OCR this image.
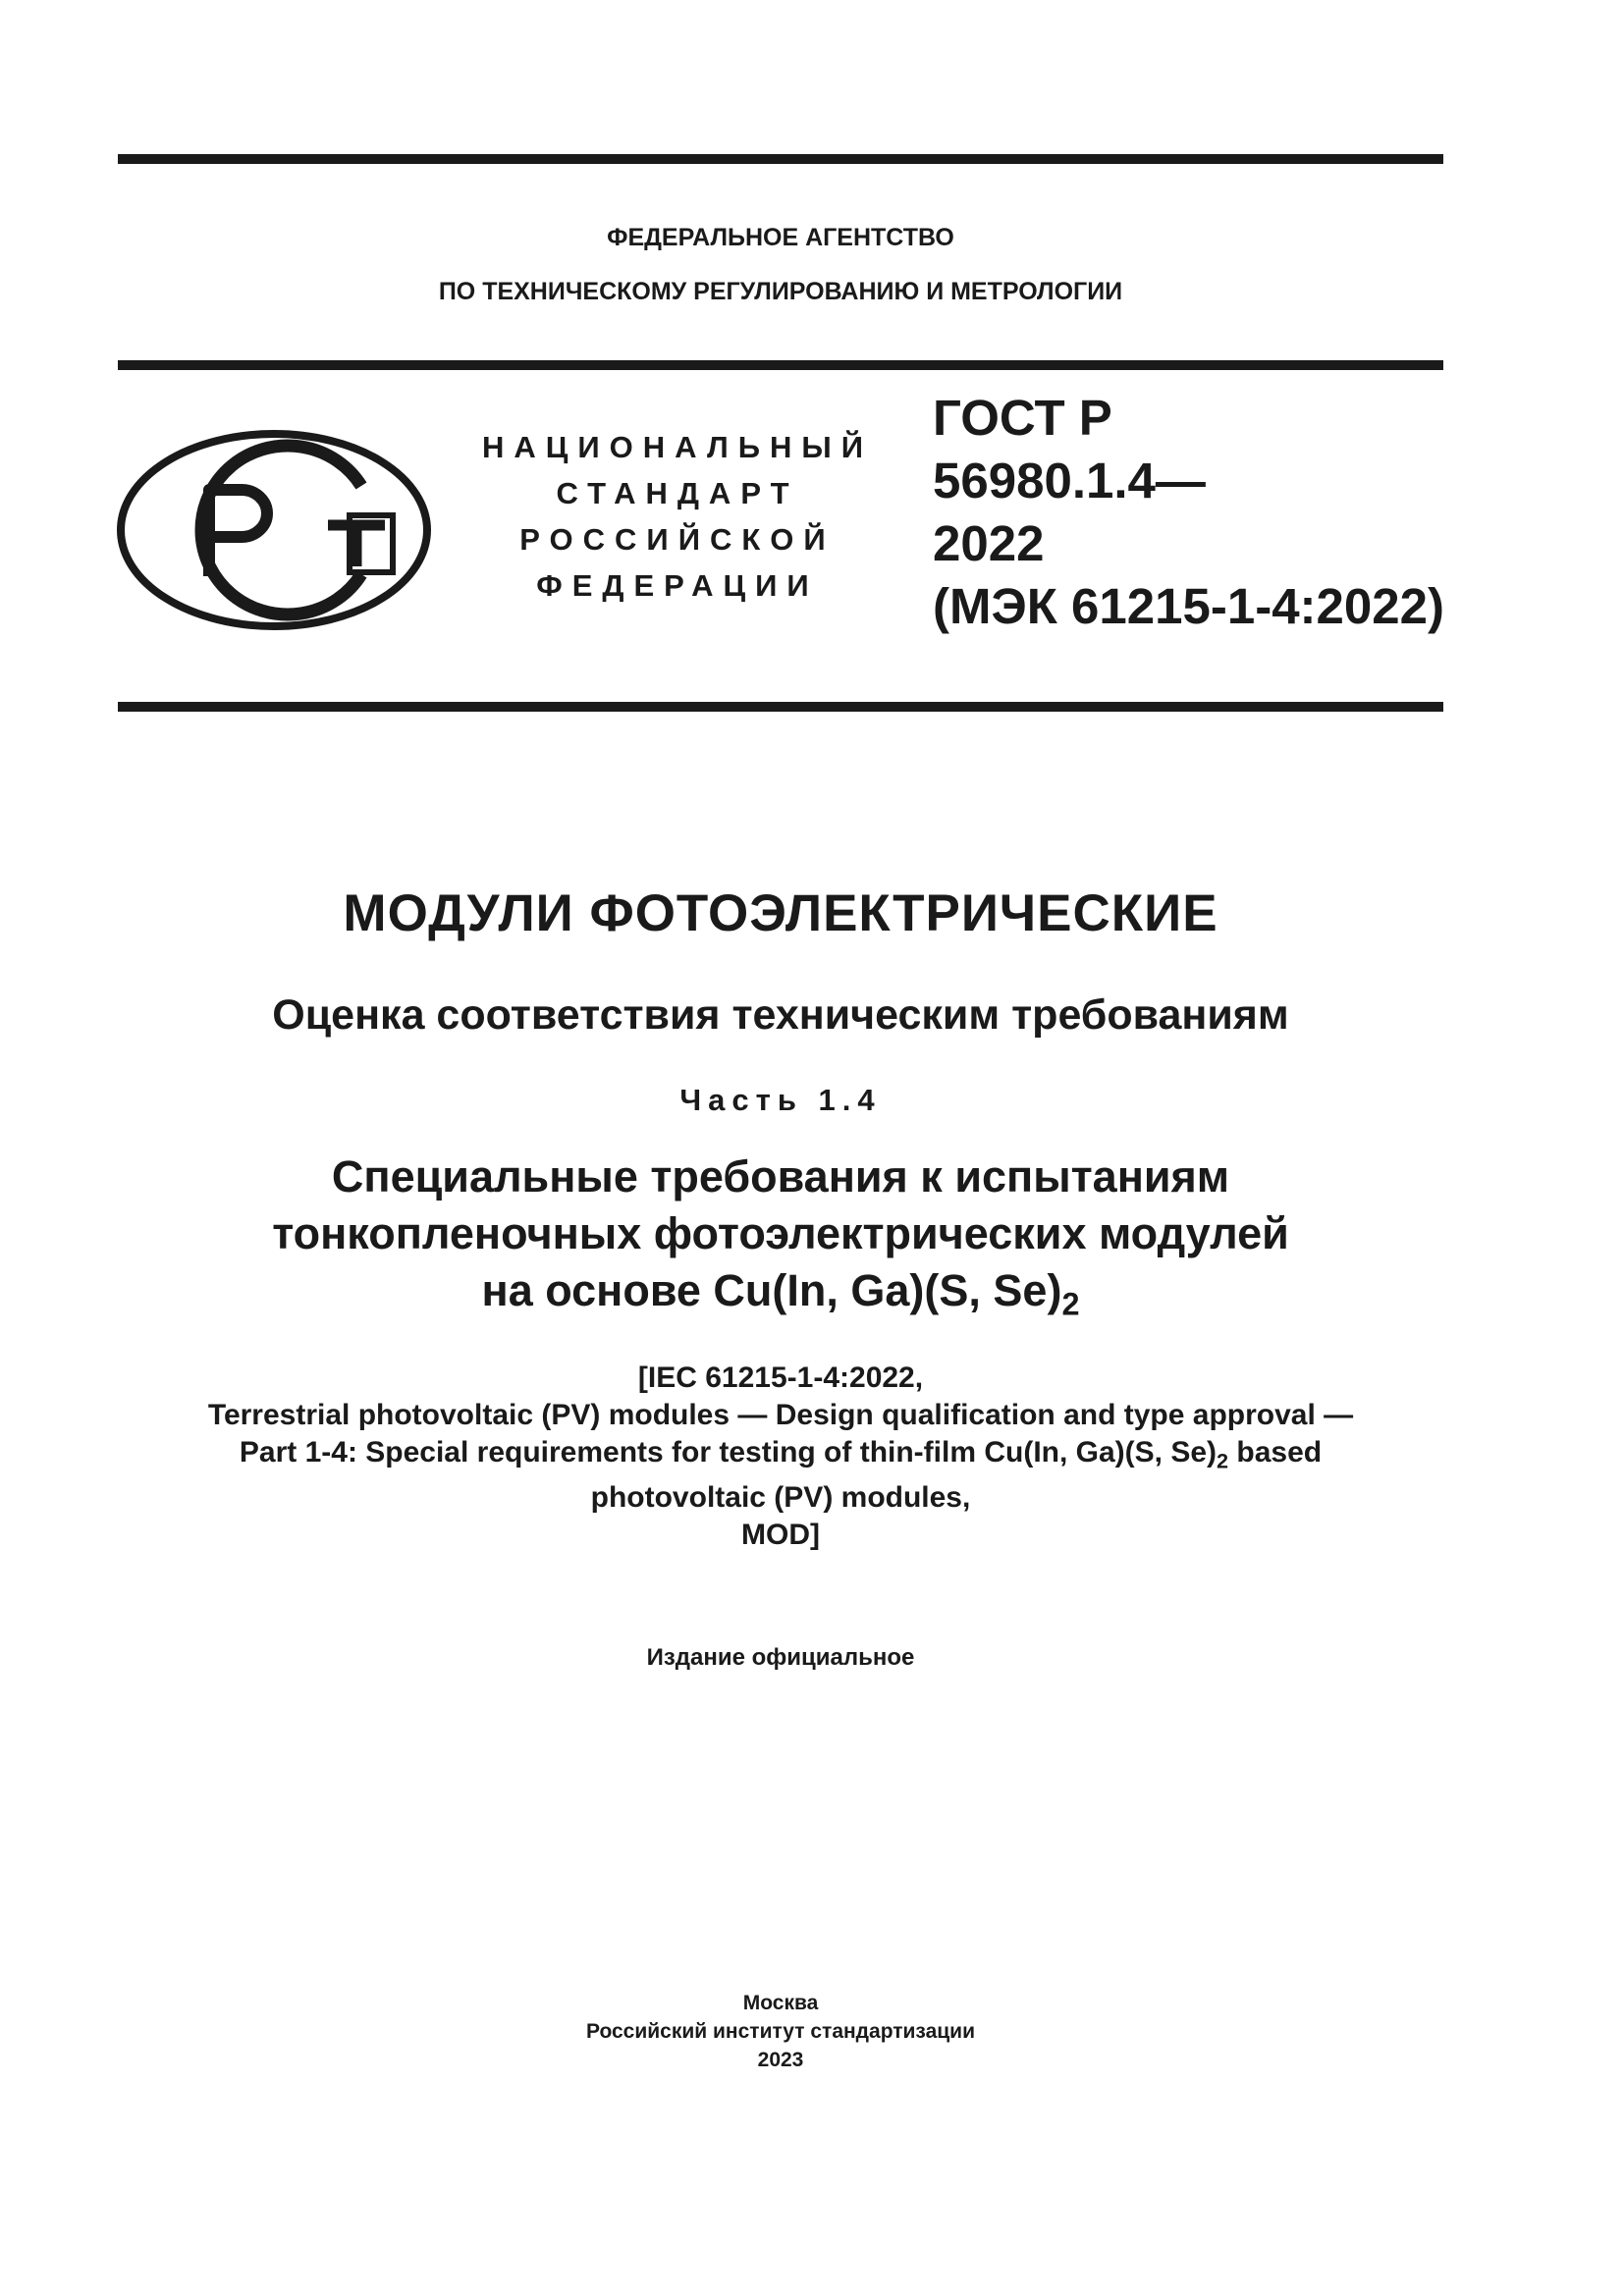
ФЕДЕРАЛЬНОЕ АГЕНТСТВО
ПО ТЕХНИЧЕСКОМУ РЕГУЛИРОВАНИЮ И МЕТРОЛОГИИ
НАЦИОНАЛЬНЫЙ
СТАНДАРТ
РОССИЙСКОЙ
ФЕДЕРАЦИИ
ГОСТ Р
56980.1.4—
2022
(МЭК 61215-1-4:2022)
МОДУЛИ ФОТОЭЛЕКТРИЧЕСКИЕ
Оценка соответствия техническим требованиям
Часть 1.4
Специальные требования к испытаниям
тонкопленочных фотоэлектрических модулей
на основе Cu(In, Ga)(S, $Se)_2$
[IEC 61215-1-4:2022,
Terrestrial photovoltaic (PV) modules — Design qualification and type approval —
Part 1-4: Special requirements for testing of thin-film Cu(In, Ga)(S, $Se)_2$ based
photovoltaic (PV) modules,
MOD]
Издание официальное
Москва
Российский институт стандартизации
2023
